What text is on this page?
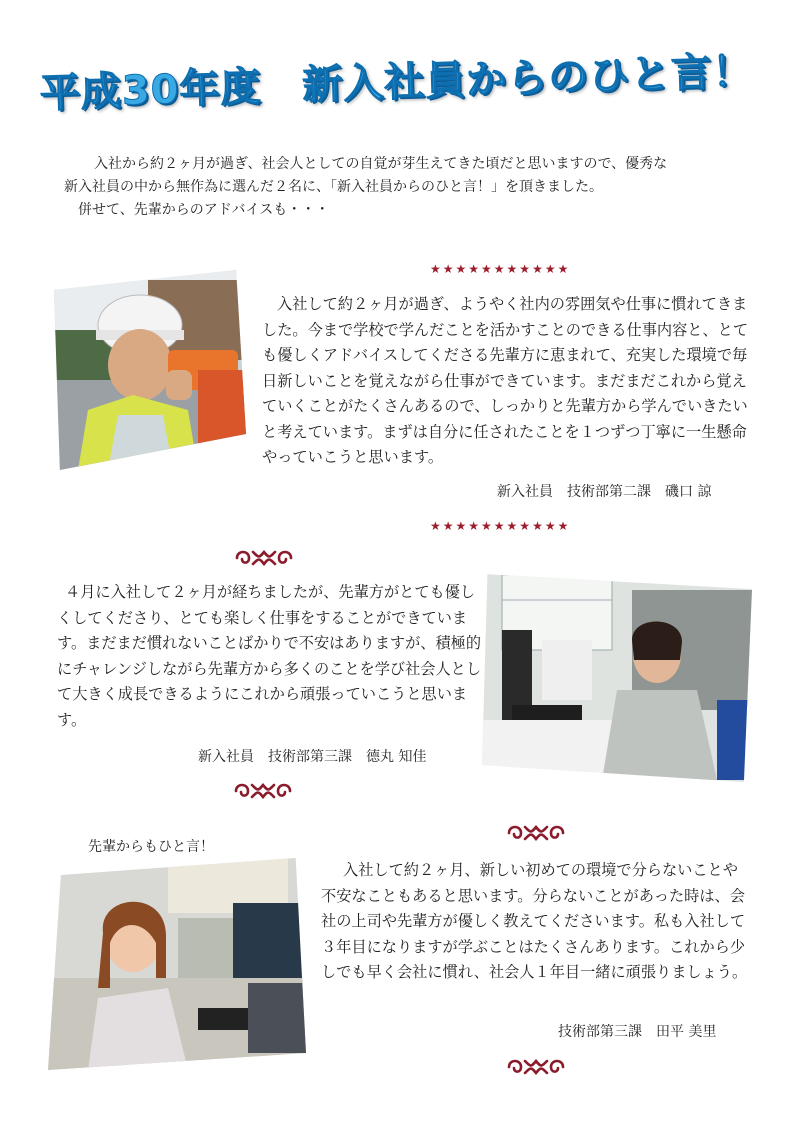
平成30年度　新入社員からのひと言！

入社から約２ヶ月が過ぎ、社会人としての自覚が芽生えてきた頃だと思いますので、優秀な

新入社員の中から無作為に選んだ２名に、「新入社員からのひと言！」を頂きました。

併せて、先輩からのアドバイスも・・・

★★★★★★★★★★★

入社して約２ヶ月が過ぎ、ようやく社内の雰囲気や仕事に慣れてきました。今まで学校で学んだことを活かすことのできる仕事内容と、とても優しくアドバイスしてくださる先輩方に恵まれて、充実した環境で毎日新しいことを覚えながら仕事ができています。まだまだこれから覚えていくことがたくさんあるので、しっかりと先輩方から学んでいきたいと考えています。まずは自分に任されたことを１つずつ丁寧に一生懸命やっていこうと思います。

新入社員　技術部第二課　磯口 諒
★★★★★★★★★★★

４月に入社して２ヶ月が経ちましたが、先輩方がとても優しくしてくださり、とても楽しく仕事をすることができています。まだまだ慣れないことばかりで不安はありますが、積極的にチャレンジしながら先輩方から多くのことを学び社会人として大きく成長できるようにこれから頑張っていこうと思います。

新入社員　技術部第三課　德丸 知佳
先輩からもひと言！

入社して約２ヶ月、新しい初めての環境で分らないことや不安なこともあると思います。分らないことがあった時は、会社の上司や先輩方が優しく教えてくださいます。私も入社して３年目になりますが学ぶことはたくさんあります。これから少しでも早く会社に慣れ、社会人１年目一緒に頑張りましょう。

技術部第三課　田平 美里
